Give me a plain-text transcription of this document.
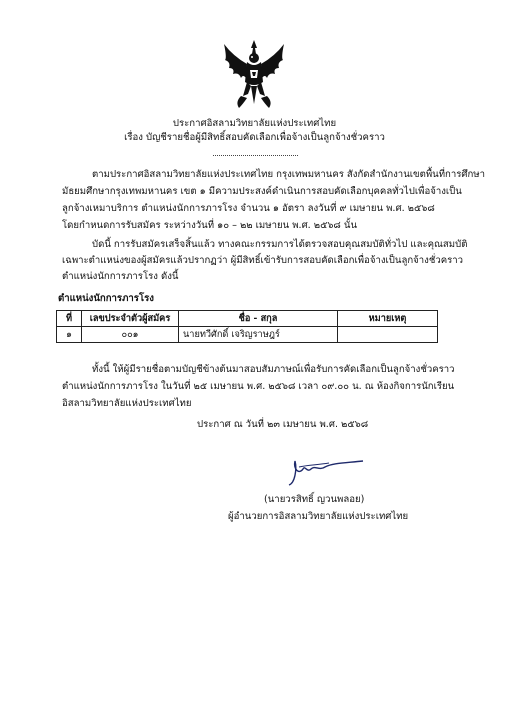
ประกาศอิสลามวิทยาลัยแห่งประเทศไทย
เรื่อง บัญชีรายชื่อผู้มีสิทธิ์สอบคัดเลือกเพื่อจ้างเป็นลูกจ้างชั่วคราว
ตามประกาศอิสลามวิทยาลัยแห่งประเทศไทย กรุงเทพมหานคร สังกัดสำนักงานเขตพื้นที่การศึกษา
มัธยมศึกษากรุงเทพมหานคร เขต ๑ มีความประสงค์ดำเนินการสอบคัดเลือกบุคคลทั่วไปเพื่อจ้างเป็น
ลูกจ้างเหมาบริการ ตำแหน่งนักการภารโรง จำนวน ๑ อัตรา ลงวันที่ ๙ เมษายน พ.ศ. ๒๕๖๘
โดยกำหนดการรับสมัคร ระหว่างวันที่ ๑๐ – ๒๒ เมษายน พ.ศ. ๒๕๖๘ นั้น
บัดนี้ การรับสมัครเสร็จสิ้นแล้ว ทางคณะกรรมการได้ตรวจสอบคุณสมบัติทั่วไป และคุณสมบัติ
เฉพาะตำแหน่งของผู้สมัครแล้วปรากฏว่า ผู้มีสิทธิ์เข้ารับการสอบคัดเลือกเพื่อจ้างเป็นลูกจ้างชั่วคราว
ตำแหน่งนักการภารโรง ดังนี้
ตำแหน่งนักการภารโรง
ที่	เลขประจำตัวผู้สมัคร	ชื่อ - สกุล	หมายเหตุ
๑	๐๐๑	นายทวีศักดิ์ เจริญราษฎร์	
ทั้งนี้ ให้ผู้มีรายชื่อตามบัญชีข้างต้นมาสอบสัมภาษณ์เพื่อรับการคัดเลือกเป็นลูกจ้างชั่วคราว
ตำแหน่งนักการภารโรง ในวันที่ ๒๕ เมษายน พ.ศ. ๒๕๖๘ เวลา ๐๙.๐๐ น. ณ ห้องกิจการนักเรียน
อิสลามวิทยาลัยแห่งประเทศไทย
ประกาศ ณ วันที่ ๒๓ เมษายน พ.ศ. ๒๕๖๘
(นายวรสิทธิ์ ญวนพลอย)
ผู้อำนวยการอิสลามวิทยาลัยแห่งประเทศไทย
